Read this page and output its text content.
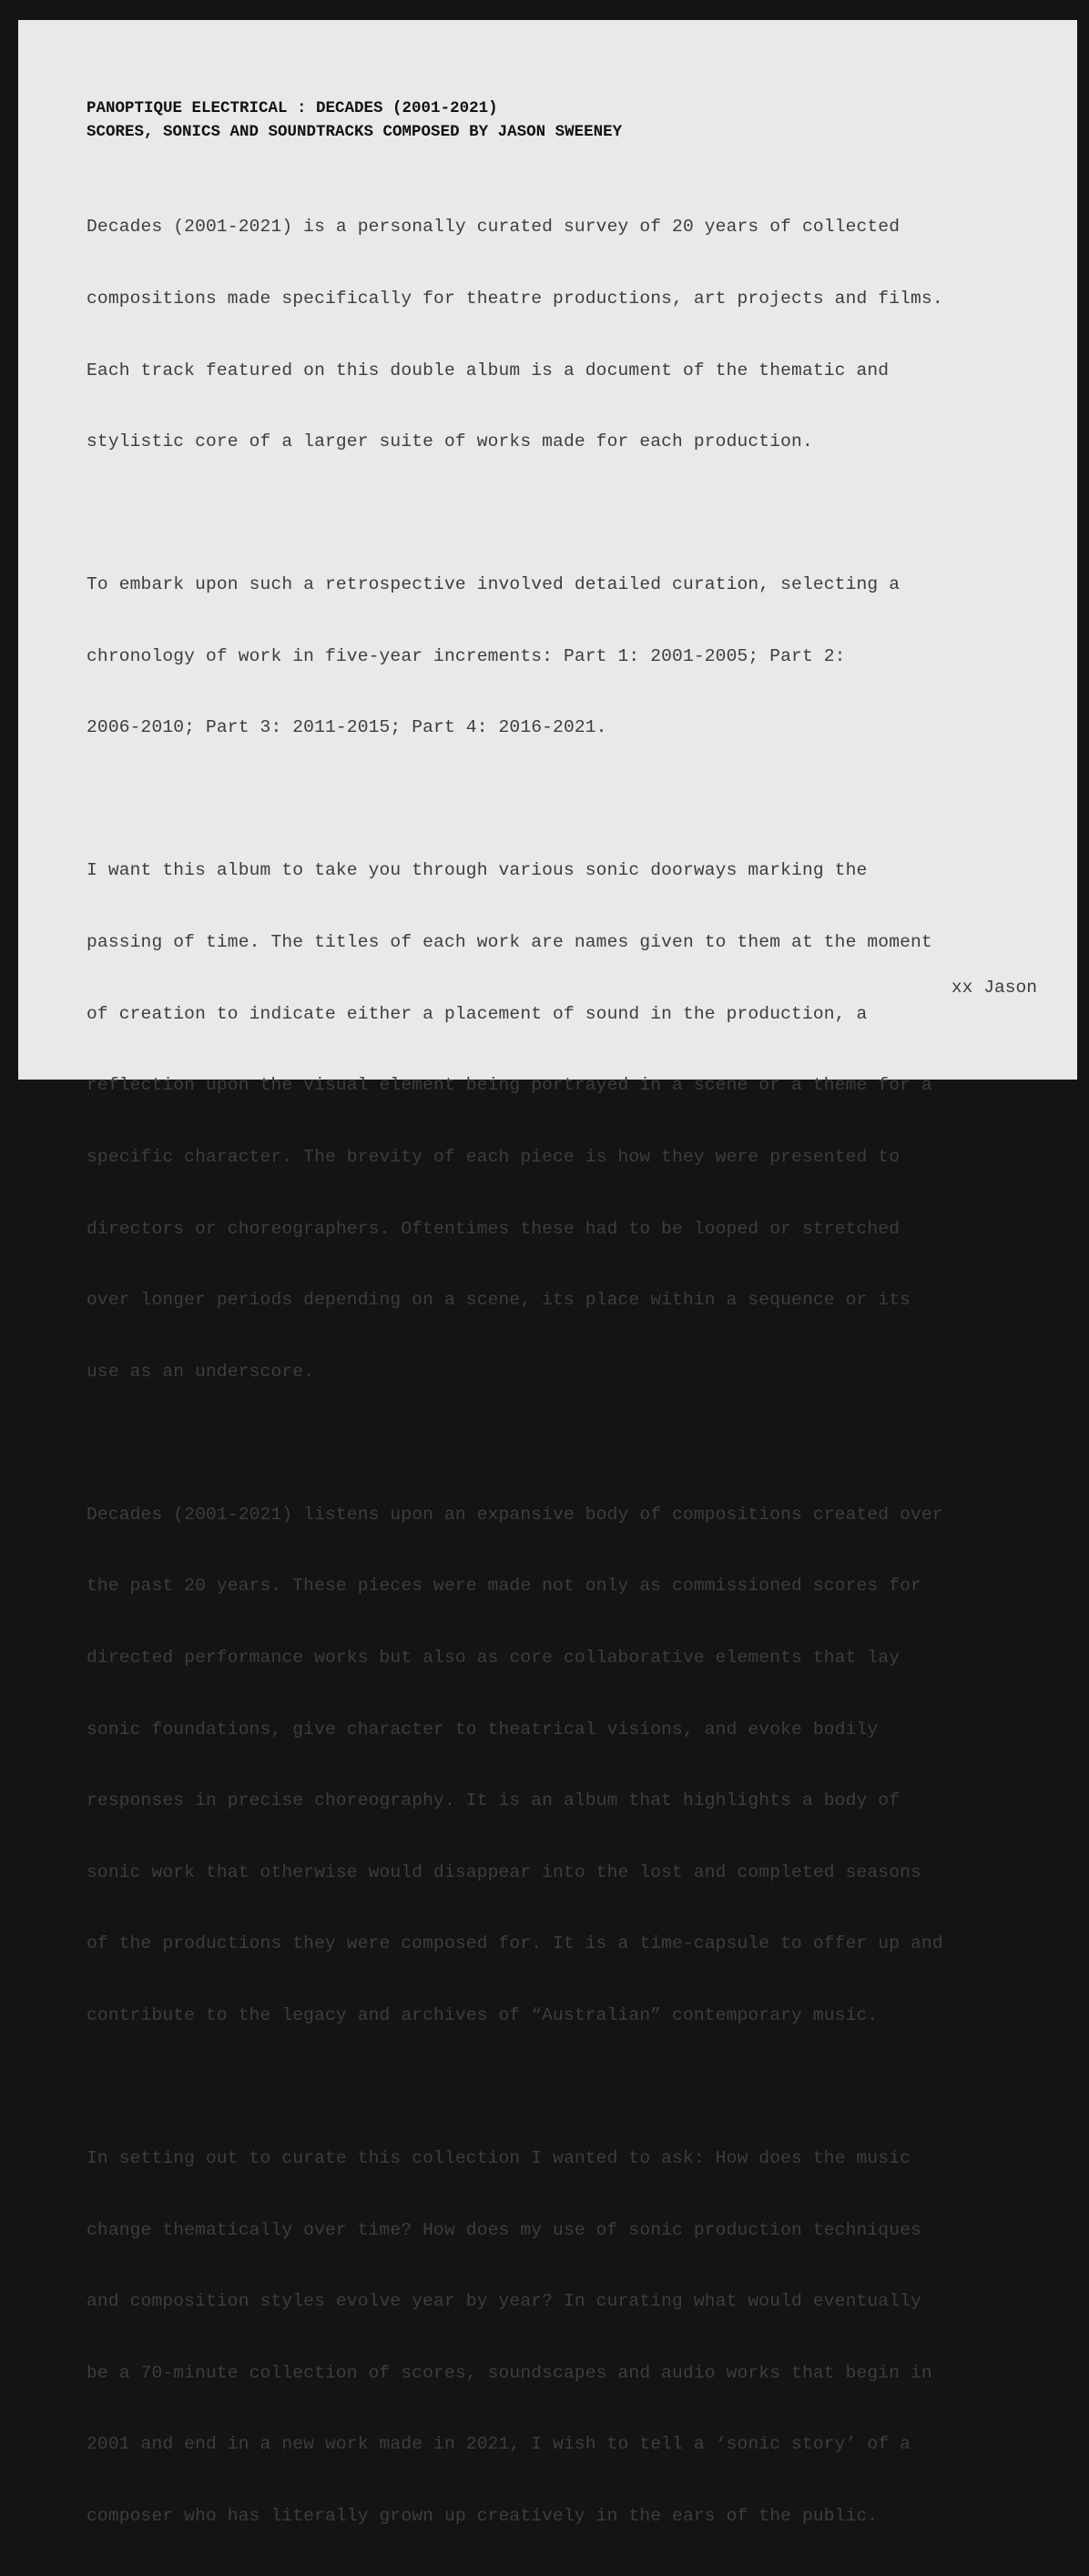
PANOPTIQUE ELECTRICAL : DECADES (2001-2021)
SCORES, SONICS AND SOUNDTRACKS COMPOSED BY JASON SWEENEY

Decades (2001-2021) is a personally curated survey of 20 years of collected

compositions made specifically for theatre productions, art projects and films.

Each track featured on this double album is a document of the thematic and

stylistic core of a larger suite of works made for each production.

To embark upon such a retrospective involved detailed curation, selecting a

chronology of work in five-year increments: Part 1: 2001-2005; Part 2:

2006-2010; Part 3: 2011-2015; Part 4: 2016-2021.

I want this album to take you through various sonic doorways marking the

passing of time. The titles of each work are names given to them at the moment

of creation to indicate either a placement of sound in the production, a

reflection upon the visual element being portrayed in a scene or a theme for a

specific character. The brevity of each piece is how they were presented to

directors or choreographers. Oftentimes these had to be looped or stretched

over longer periods depending on a scene, its place within a sequence or its

use as an underscore.

Decades (2001-2021) listens upon an expansive body of compositions created over

the past 20 years. These pieces were made not only as commissioned scores for

directed performance works but also as core collaborative elements that lay

sonic foundations, give character to theatrical visions, and evoke bodily

responses in precise choreography. It is an album that highlights a body of

sonic work that otherwise would disappear into the lost and completed seasons

of the productions they were composed for. It is a time-capsule to offer up and

contribute to the legacy and archives of “Australian” contemporary music.

In setting out to curate this collection I wanted to ask: How does the music

change thematically over time? How does my use of sonic production techniques

and composition styles evolve year by year? In curating what would eventually

be a 70-minute collection of scores, soundscapes and audio works that begin in

2001 and end in a new work made in 2021, I wish to tell a ‘sonic story’ of a

composer who has literally grown up creatively in the ears of the public.

xx Jason
